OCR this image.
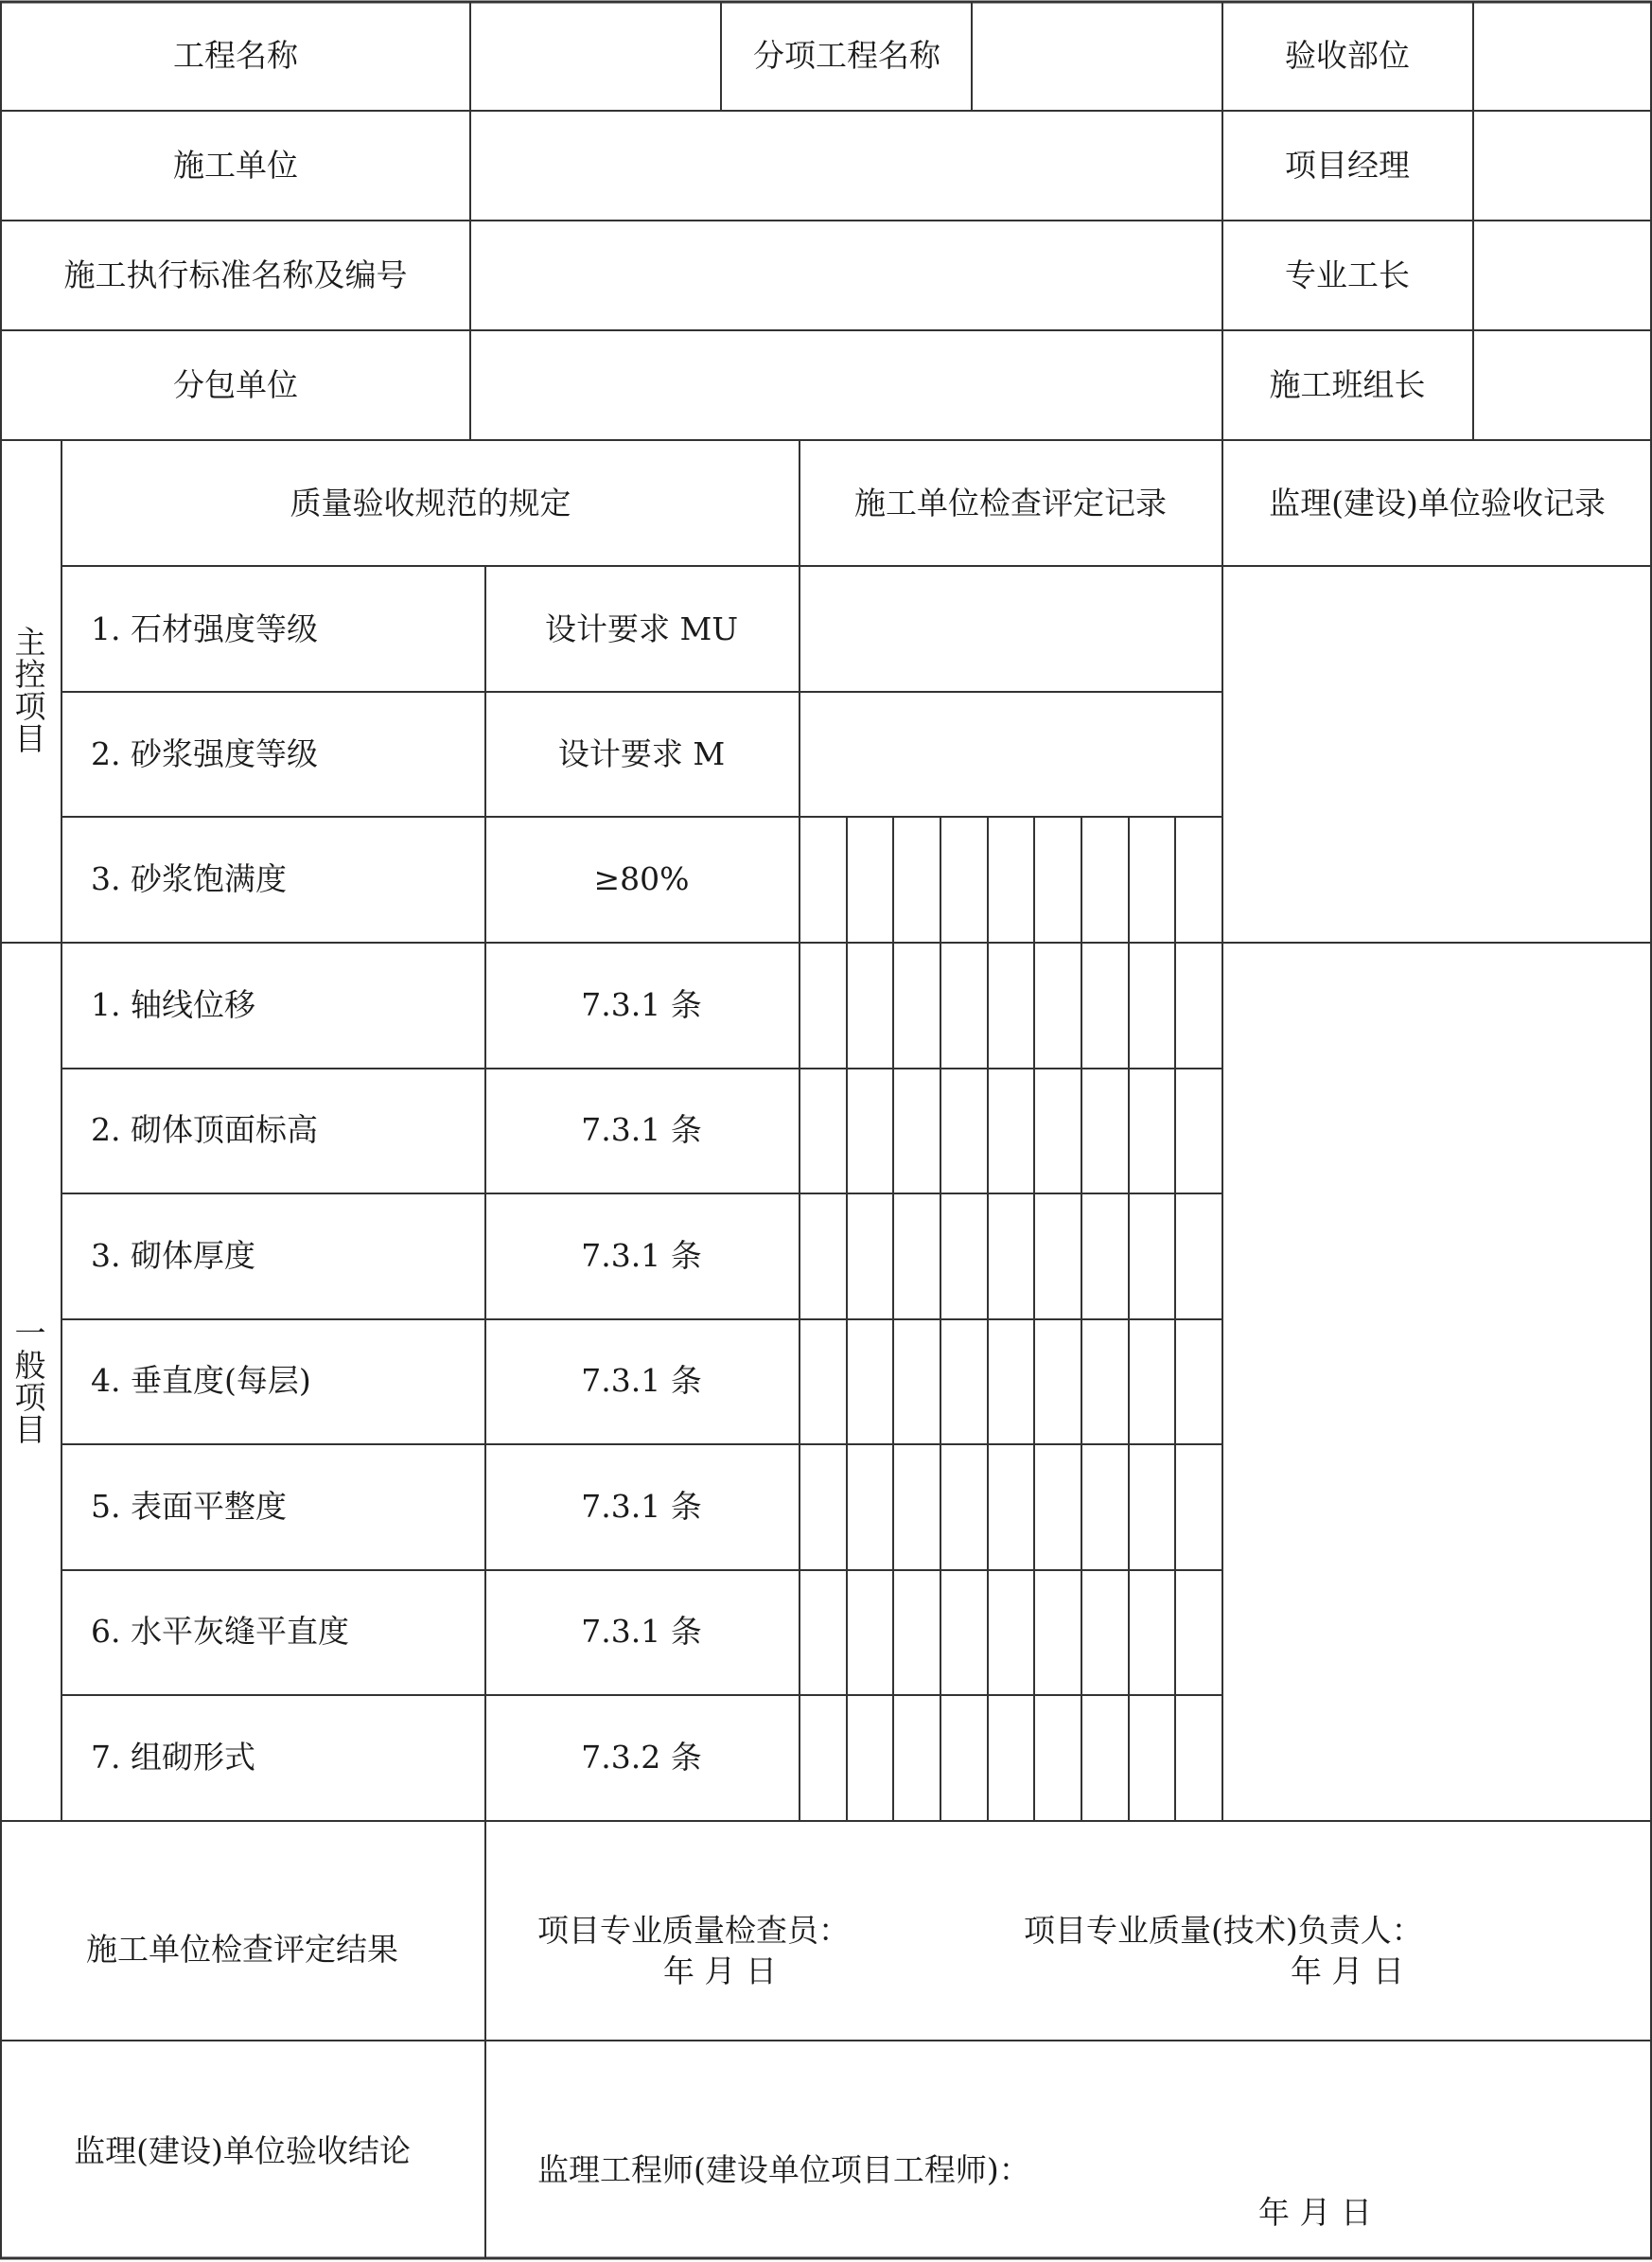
工程名称	分项工程名称	验收部位
施工单位	项目经理
施工执行标准名称及编号	专业工长
分包单位	施工班组长
质量验收规范的规定	施工单位检查评定记录	监理(建设)单位验收记录
主控项目
1. 石材强度等级	设计要求 MU
2. 砂浆强度等级	设计要求 M
3. 砂浆饱满度	≥80%
一般项目
1. 轴线位移	7.3.1 条
2. 砌体顶面标高	7.3.1 条
3. 砌体厚度	7.3.1 条
4. 垂直度(每层)	7.3.1 条
5. 表面平整度	7.3.1 条
6. 水平灰缝平直度	7.3.1 条
7. 组砌形式	7.3.2 条
施工单位检查评定结果
项目专业质量检查员：
年 月 日
项目专业质量(技术)负责人：
年 月 日
监理(建设)单位验收结论
监理工程师(建设单位项目工程师)：
年 月 日
